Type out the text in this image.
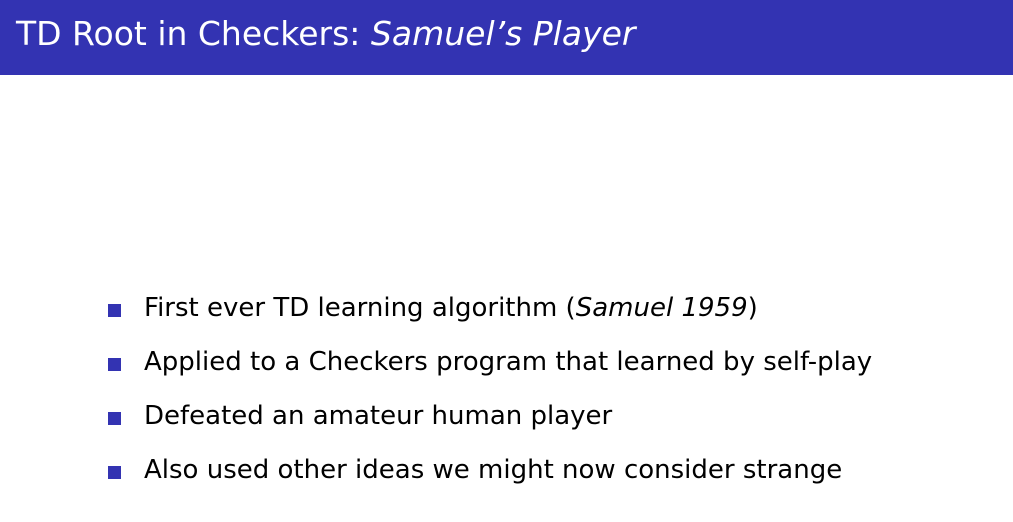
TD Root in Checkers: Samuel’s Player
First ever TD learning algorithm (Samuel 1959)
Applied to a Checkers program that learned by self-play
Defeated an amateur human player
Also used other ideas we might now consider strange
